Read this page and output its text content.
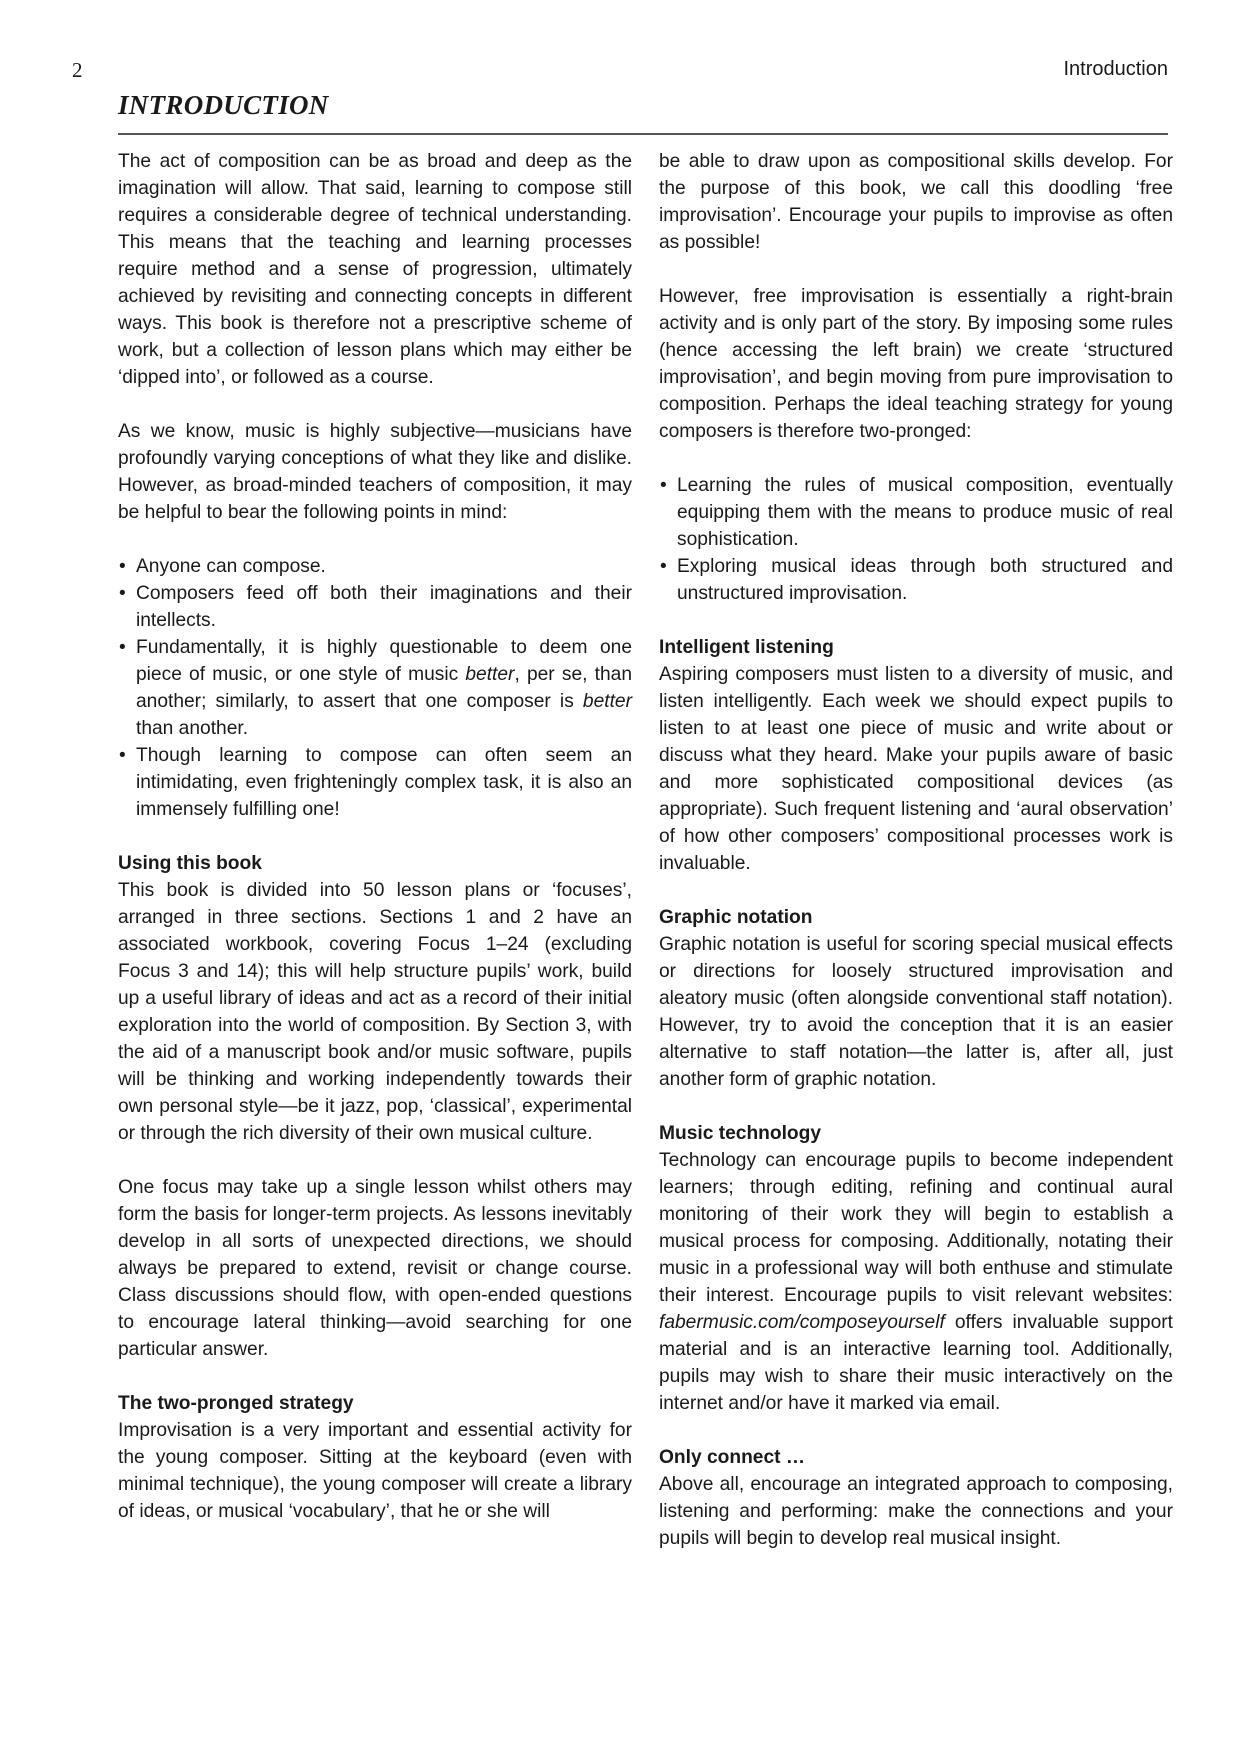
2	Introduction
INTRODUCTION

The act of composition can be as broad and deep as the imagination will allow. That said, learning to compose still requires a considerable degree of technical understanding. This means that the teaching and learning processes require method and a sense of progression, ultimately achieved by revisiting and connecting concepts in different ways. This book is therefore not a prescriptive scheme of work, but a collection of lesson plans which may either be ‘dipped into’, or followed as a course.

As we know, music is highly subjective—musicians have profoundly varying conceptions of what they like and dislike. However, as broad-minded teachers of composition, it may be helpful to bear the following points in mind:

• Anyone can compose.
• Composers feed off both their imaginations and their intellects.
• Fundamentally, it is highly questionable to deem one piece of music, or one style of music better, per se, than another; similarly, to assert that one composer is better than another.
• Though learning to compose can often seem an intimidating, even frighteningly complex task, it is also an immensely fulfilling one!
Using this book

This book is divided into 50 lesson plans or ‘focuses’, arranged in three sections. Sections 1 and 2 have an associated workbook, covering Focus 1–24 (excluding Focus 3 and 14); this will help structure pupils’ work, build up a useful library of ideas and act as a record of their initial exploration into the world of composition. By Section 3, with the aid of a manuscript book and/or music software, pupils will be thinking and working independently towards their own personal style—be it jazz, pop, ‘classical’, experimental or through the rich diversity of their own musical culture.

One focus may take up a single lesson whilst others may form the basis for longer-term projects. As lessons inevitably develop in all sorts of unexpected directions, we should always be prepared to extend, revisit or change course. Class discussions should flow, with open-ended questions to encourage lateral thinking—avoid searching for one particular answer.

The two-pronged strategy

Improvisation is a very important and essential activity for the young composer. Sitting at the keyboard (even with minimal technique), the young composer will create a library of ideas, or musical ‘vocabulary’, that he or she will

be able to draw upon as compositional skills develop. For the purpose of this book, we call this doodling ‘free improvisation’. Encourage your pupils to improvise as often as possible!

However, free improvisation is essentially a right-brain activity and is only part of the story. By imposing some rules (hence accessing the left brain) we create ‘structured improvisation’, and begin moving from pure improvisation to composition. Perhaps the ideal teaching strategy for young composers is therefore two-pronged:

• Learning the rules of musical composition, eventually equipping them with the means to produce music of real sophistication.
• Exploring musical ideas through both structured and unstructured improvisation.
Intelligent listening

Aspiring composers must listen to a diversity of music, and listen intelligently. Each week we should expect pupils to listen to at least one piece of music and write about or discuss what they heard. Make your pupils aware of basic and more sophisticated compositional devices (as appropriate). Such frequent listening and ‘aural observation’ of how other composers’ compositional processes work is invaluable.

Graphic notation

Graphic notation is useful for scoring special musical effects or directions for loosely structured improvisation and aleatory music (often alongside conventional staff notation). However, try to avoid the conception that it is an easier alternative to staff notation—the latter is, after all, just another form of graphic notation.

Music technology

Technology can encourage pupils to become independent learners; through editing, refining and continual aural monitoring of their work they will begin to establish a musical process for composing. Additionally, notating their music in a professional way will both enthuse and stimulate their interest. Encourage pupils to visit relevant websites: fabermusic.com/composeyourself offers invaluable support material and is an interactive learning tool. Additionally, pupils may wish to share their music interactively on the internet and/or have it marked via email.

Only connect …

Above all, encourage an integrated approach to composing, listening and performing: make the connections and your pupils will begin to develop real musical insight.
